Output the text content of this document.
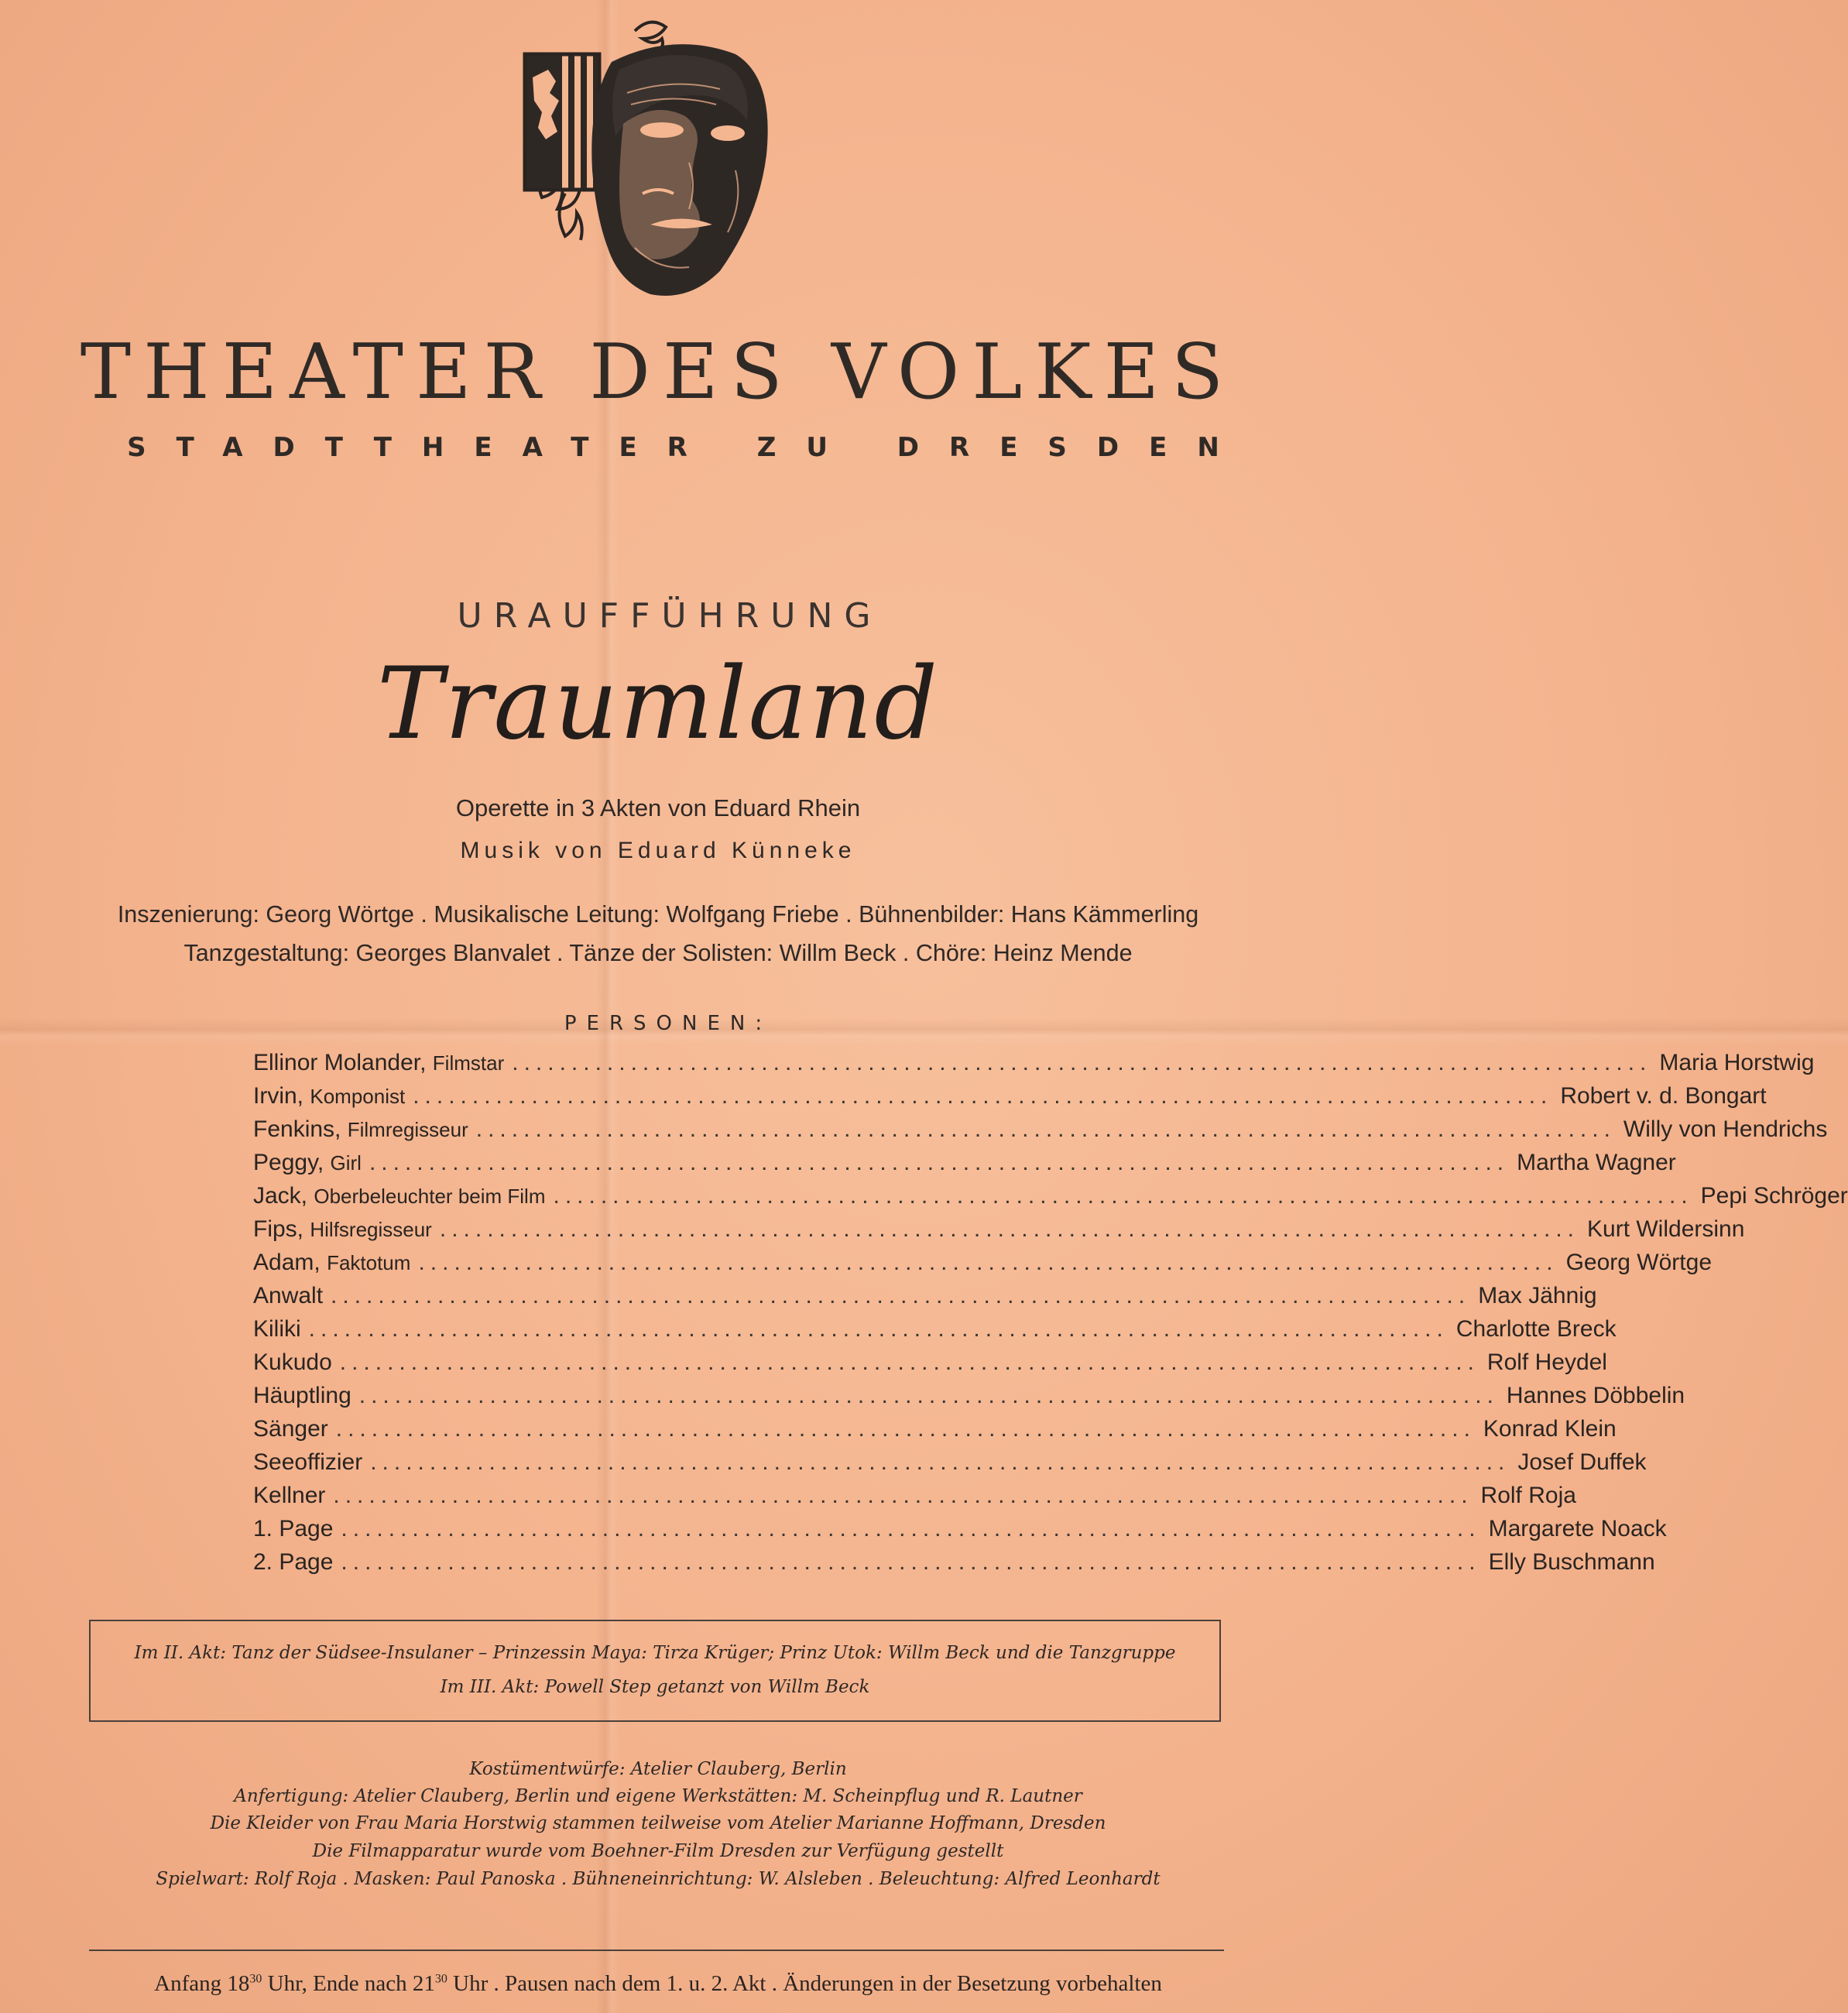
THEATER DES VOLKES
STADTTHEATER ZU DRESDEN
URAUFFÜHRUNG
Traumland
Operette in 3 Akten von Eduard Rhein
Musik von Eduard Künneke
Inszenierung: Georg Wörtge . Musikalische Leitung: Wolfgang Friebe . Bühnenbilder: Hans Kämmerling
Tanzgestaltung: Georges Blanvalet . Tänze der Solisten: Willm Beck . Chöre: Heinz Mende
PERSONEN:
Ellinor Molander, Filmstar ................................................................................................ Maria Horstwig
Irvin, Komponist ................................................................................................ Robert v. d. Bongart
Fenkins, Filmregisseur ................................................................................................ Willy von Hendrichs
Peggy, Girl ................................................................................................ Martha Wagner
Jack, Oberbeleuchter beim Film ................................................................................................ Pepi Schröger
Fips, Hilfsregisseur ................................................................................................ Kurt Wildersinn
Adam, Faktotum ................................................................................................ Georg Wörtge
Anwalt ................................................................................................ Max Jähnig
Kiliki ................................................................................................ Charlotte Breck
Kukudo ................................................................................................ Rolf Heydel
Häuptling ................................................................................................ Hannes Döbbelin
Sänger ................................................................................................ Konrad Klein
Seeoffizier ................................................................................................ Josef Duffek
Kellner ................................................................................................ Rolf Roja
1. Page ................................................................................................ Margarete Noack
2. Page ................................................................................................ Elly Buschmann
Im II. Akt: Tanz der Südsee-Insulaner – Prinzessin Maya: Tirza Krüger; Prinz Utok: Willm Beck und die Tanzgruppe
Im III. Akt: Powell Step getanzt von Willm Beck
Kostümentwürfe: Atelier Clauberg, Berlin
Anfertigung: Atelier Clauberg, Berlin und eigene Werkstätten: M. Scheinpflug und R. Lautner
Die Kleider von Frau Maria Horstwig stammen teilweise vom Atelier Marianne Hoffmann, Dresden
Die Filmapparatur wurde vom Boehner-Film Dresden zur Verfügung gestellt
Spielwart: Rolf Roja . Masken: Paul Panoska . Bühneneinrichtung: W. Alsleben . Beleuchtung: Alfred Leonhardt
Anfang $18^{30}$ Uhr, Ende nach $21^{30}$ Uhr . Pausen nach dem 1. u. 2. Akt . Änderungen in der Besetzung vorbehalten
